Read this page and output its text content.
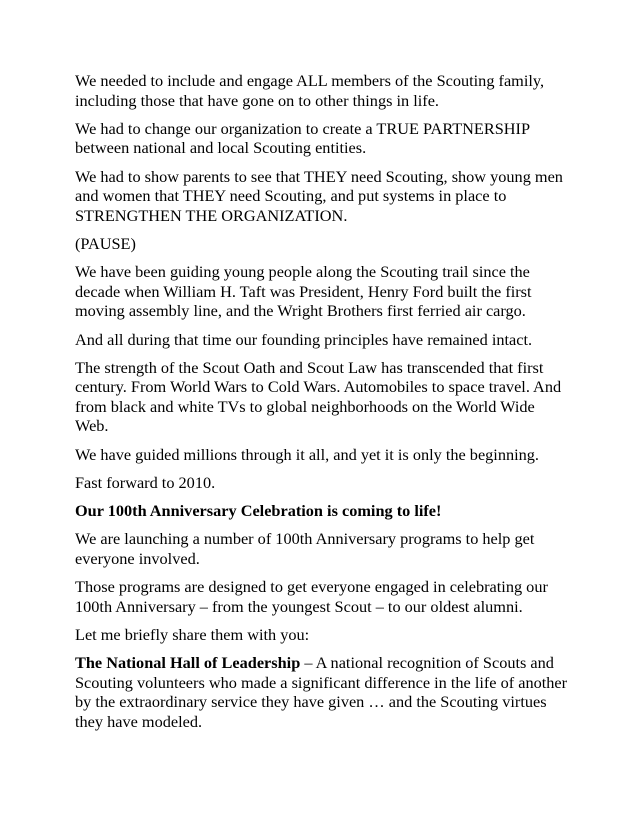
We needed to include and engage ALL members of the Scouting family, including those that have gone on to other things in life.

We had to change our organization to create a TRUE PARTNERSHIP between national and local Scouting entities.

We had to show parents to see that THEY need Scouting, show young men and women that THEY need Scouting, and put systems in place to STRENGTHEN THE ORGANIZATION.

(PAUSE)

We have been guiding young people along the Scouting trail since the decade when William H. Taft was President, Henry Ford built the first moving assembly line, and the Wright Brothers first ferried air cargo.

And all during that time our founding principles have remained intact.

The strength of the Scout Oath and Scout Law has transcended that first century. From World Wars to Cold Wars. Automobiles to space travel. And from black and white TVs to global neighborhoods on the World Wide Web.

We have guided millions through it all, and yet it is only the beginning.

Fast forward to 2010.

Our 100th Anniversary Celebration is coming to life!

We are launching a number of 100th Anniversary programs to help get everyone involved.

Those programs are designed to get everyone engaged in celebrating our 100th Anniversary – from the youngest Scout – to our oldest alumni.

Let me briefly share them with you:

The National Hall of Leadership – A national recognition of Scouts and Scouting volunteers who made a significant difference in the life of another by the extraordinary service they have given … and the Scouting virtues they have modeled.
